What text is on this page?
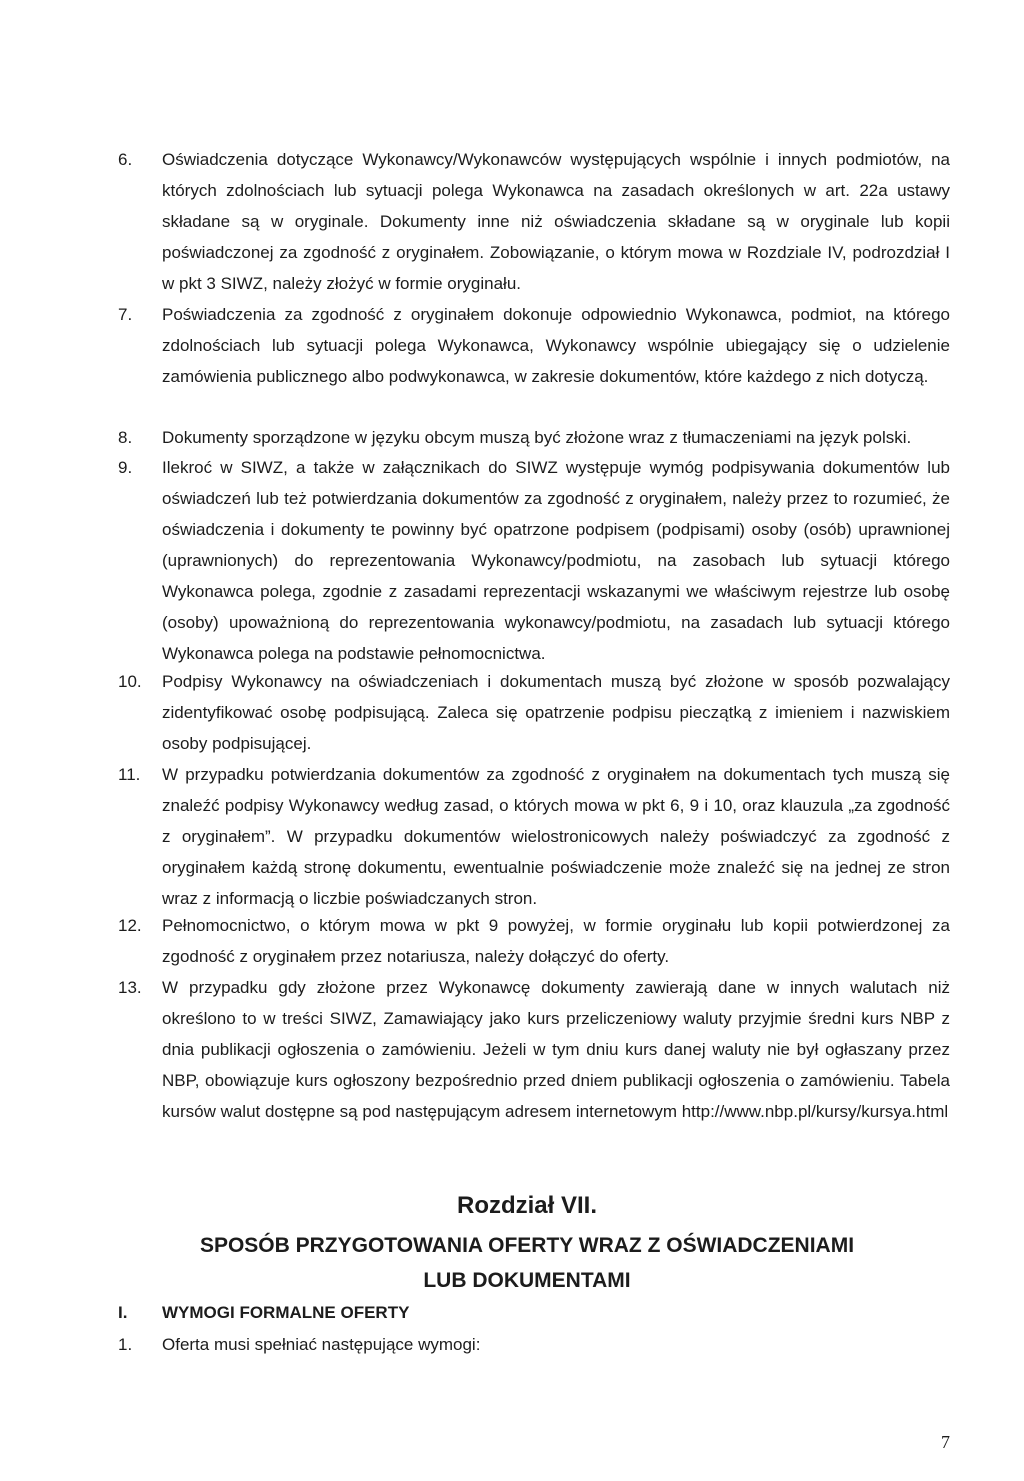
6.	Oświadczenia dotyczące Wykonawcy/Wykonawców występujących wspólnie i innych podmiotów, na których zdolnościach lub sytuacji polega Wykonawca na zasadach określonych w art. 22a ustawy składane są w oryginale. Dokumenty inne niż oświadczenia składane są w oryginale lub kopii poświadczonej za zgodność z oryginałem. Zobowiązanie, o którym mowa w Rozdziale IV, podrozdział I w pkt 3 SIWZ, należy złożyć w formie oryginału.
7.	Poświadczenia za zgodność z oryginałem dokonuje odpowiednio Wykonawca, podmiot, na którego zdolnościach lub sytuacji polega Wykonawca, Wykonawcy wspólnie ubiegający się o udzielenie zamówienia publicznego albo podwykonawca, w zakresie dokumentów, które każdego z nich dotyczą.
8.	Dokumenty sporządzone w języku obcym muszą być złożone wraz z tłumaczeniami na język polski.
9.	Ilekroć w SIWZ, a także w załącznikach do SIWZ występuje wymóg podpisywania dokumentów lub oświadczeń lub też potwierdzania dokumentów za zgodność z oryginałem, należy przez to rozumieć, że oświadczenia i dokumenty te powinny być opatrzone podpisem (podpisami) osoby (osób) uprawnionej (uprawnionych) do reprezentowania Wykonawcy/podmiotu, na zasobach lub sytuacji którego Wykonawca polega, zgodnie z zasadami reprezentacji wskazanymi we właściwym rejestrze lub osobę (osoby) upoważnioną do reprezentowania wykonawcy/podmiotu, na zasadach lub sytuacji którego Wykonawca polega na podstawie pełnomocnictwa.
10.	Podpisy Wykonawcy na oświadczeniach i dokumentach muszą być złożone w sposób pozwalający zidentyfikować osobę podpisującą. Zaleca się opatrzenie podpisu pieczątką z imieniem i nazwiskiem osoby podpisującej.
11.	W przypadku potwierdzania dokumentów za zgodność z oryginałem na dokumentach tych muszą się znaleźć podpisy Wykonawcy według zasad, o których mowa w pkt 6, 9 i 10, oraz klauzula „za zgodność z oryginałem”. W przypadku dokumentów wielostronicowych należy poświadczyć za zgodność z oryginałem każdą stronę dokumentu, ewentualnie poświadczenie może znaleźć się na jednej ze stron wraz z informacją o liczbie poświadczanych stron.
12.	Pełnomocnictwo, o którym mowa w pkt 9 powyżej, w formie oryginału lub kopii potwierdzonej za zgodność z oryginałem przez notariusza, należy dołączyć do oferty.
13.	W przypadku gdy złożone przez Wykonawcę dokumenty zawierają dane w innych walutach niż określono to w treści SIWZ, Zamawiający jako kurs przeliczeniowy waluty przyjmie średni kurs NBP z dnia publikacji ogłoszenia o zamówieniu. Jeżeli w tym dniu kurs danej waluty nie był ogłaszany przez NBP, obowiązuje kurs ogłoszony bezpośrednio przed dniem publikacji ogłoszenia o zamówieniu. Tabela kursów walut dostępne są pod następującym adresem internetowym http://www.nbp.pl/kursy/kursya.html
Rozdział VII.
SPOSÓB PRZYGOTOWANIA OFERTY WRAZ Z OŚWIADCZENIAMI
LUB DOKUMENTAMI
I. WYMOGI FORMALNE OFERTY
1. Oferta musi spełniać następujące wymogi:
7
